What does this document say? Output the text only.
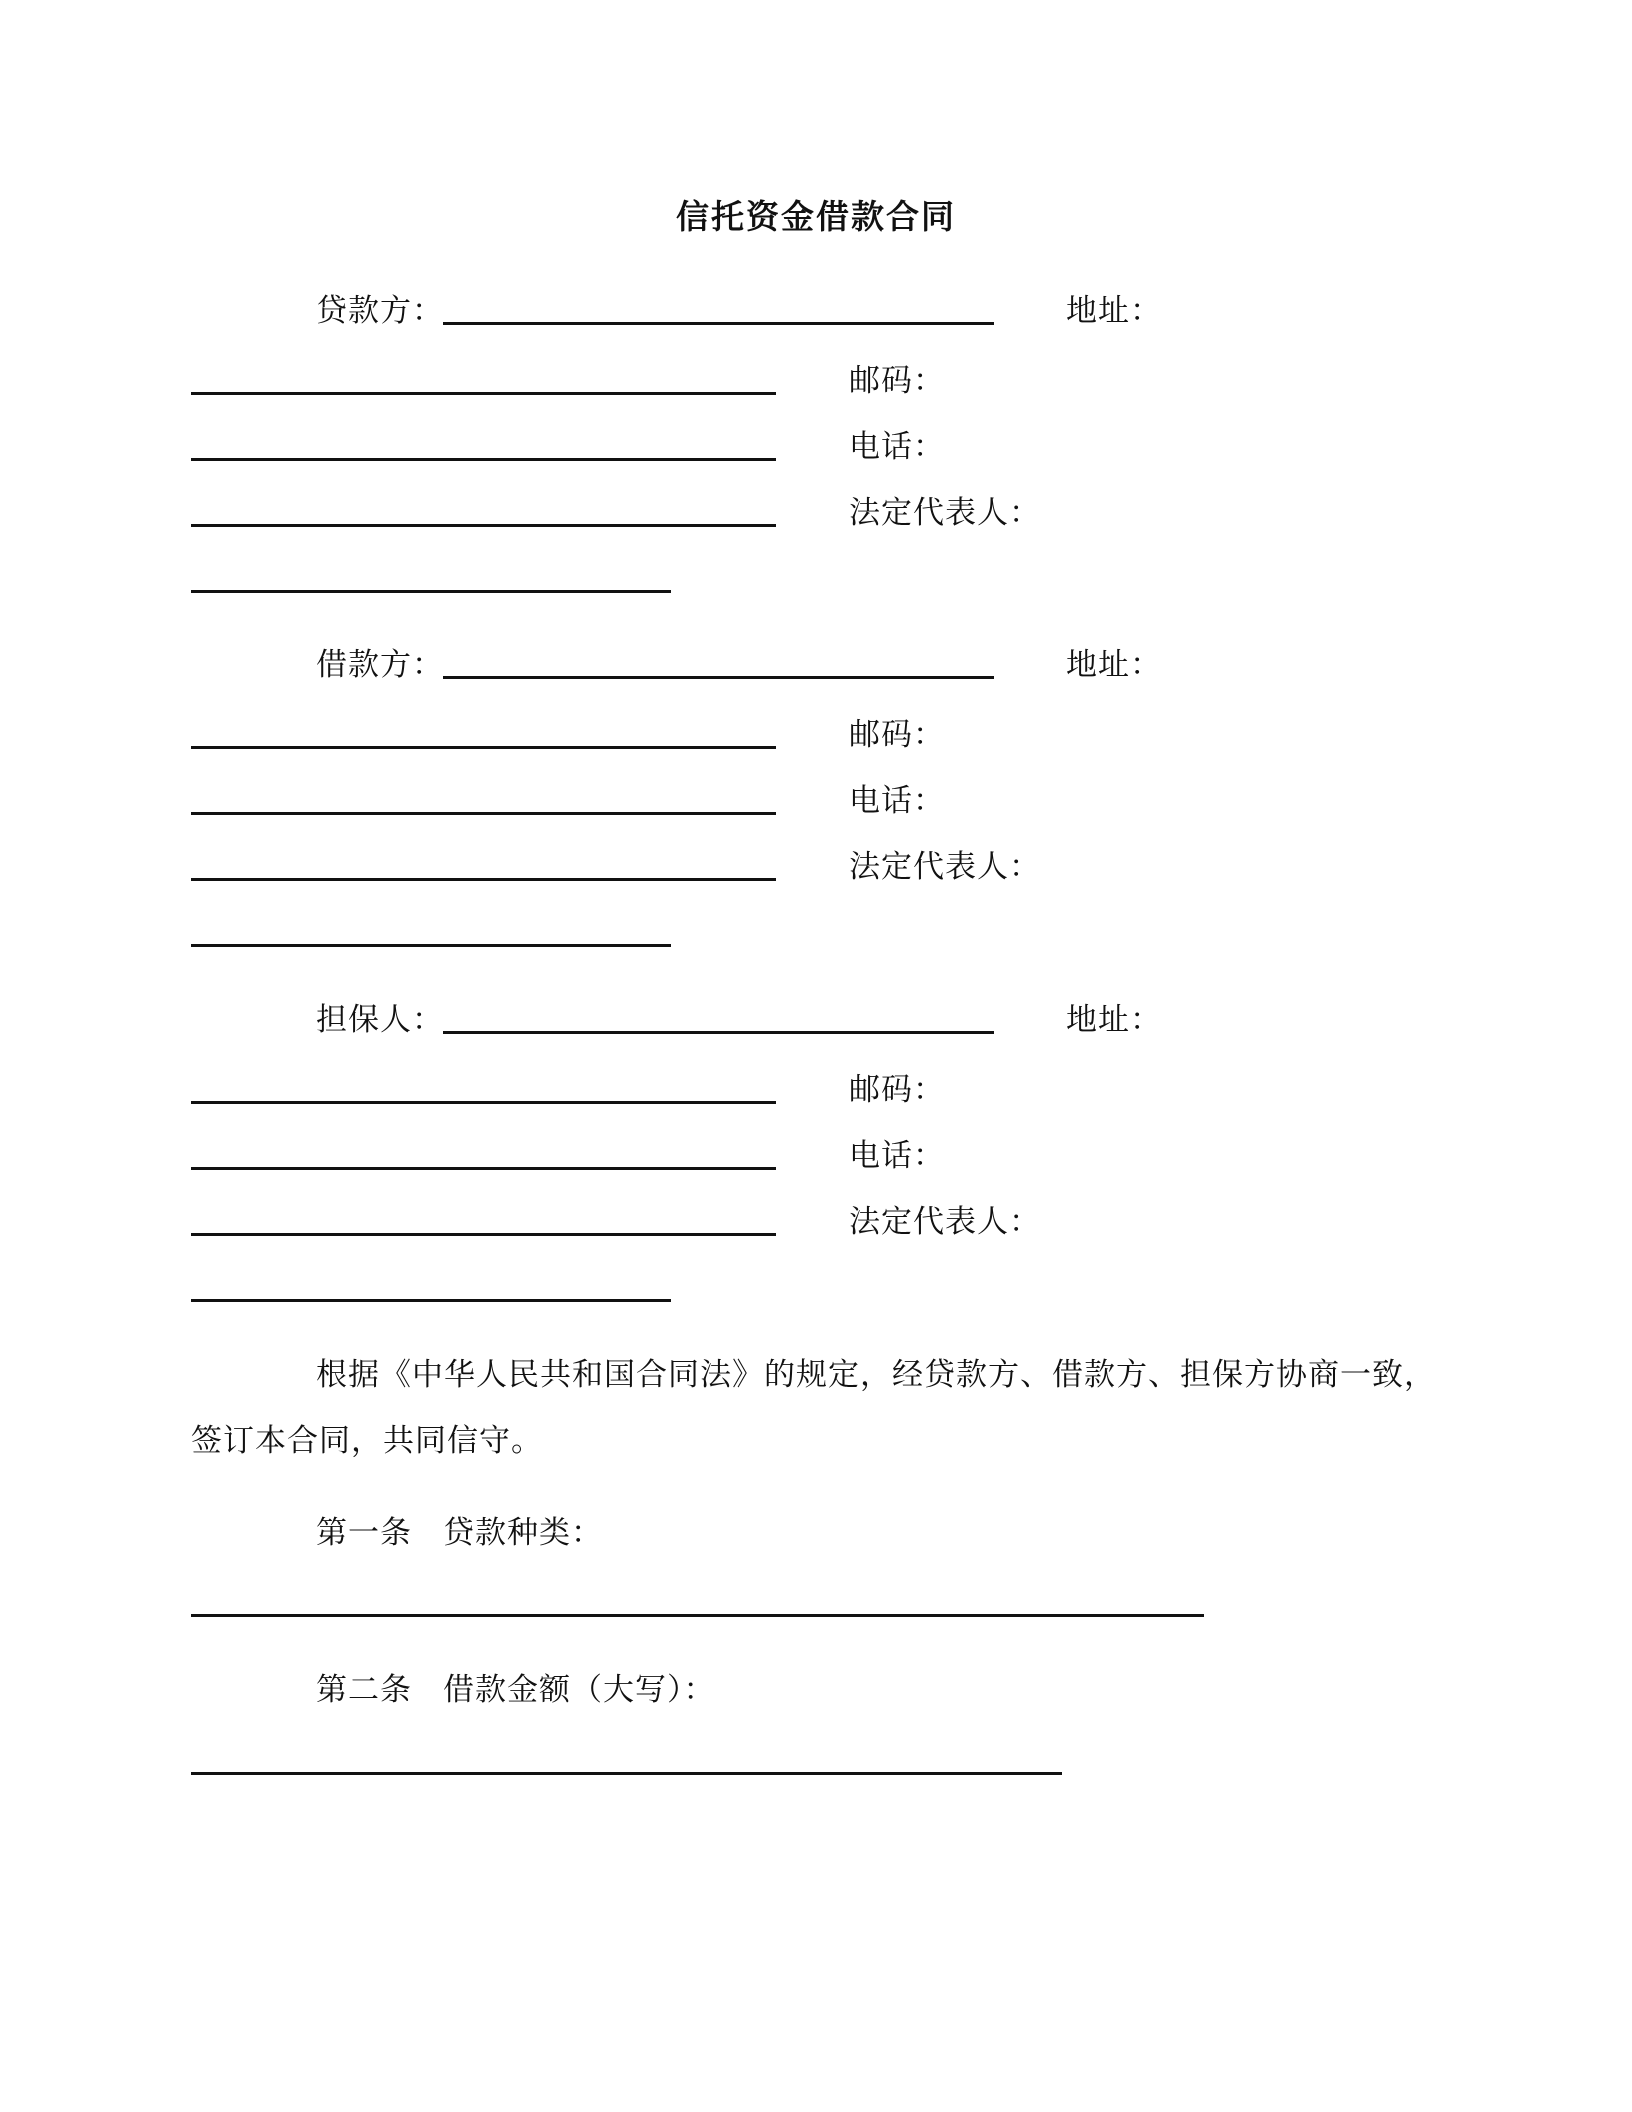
信托资金借款合同
贷款方：	地址：
邮码：
电话：
法定代表人：
借款方：	地址：
邮码：
电话：
法定代表人：
担保人：	地址：
邮码：
电话：
法定代表人：
根据《中华人民共和国合同法》的规定，经贷款方、借款方、担保方协商一致，
签订本合同，共同信守。
第一条 贷款种类：
第二条 借款金额（大写）：
